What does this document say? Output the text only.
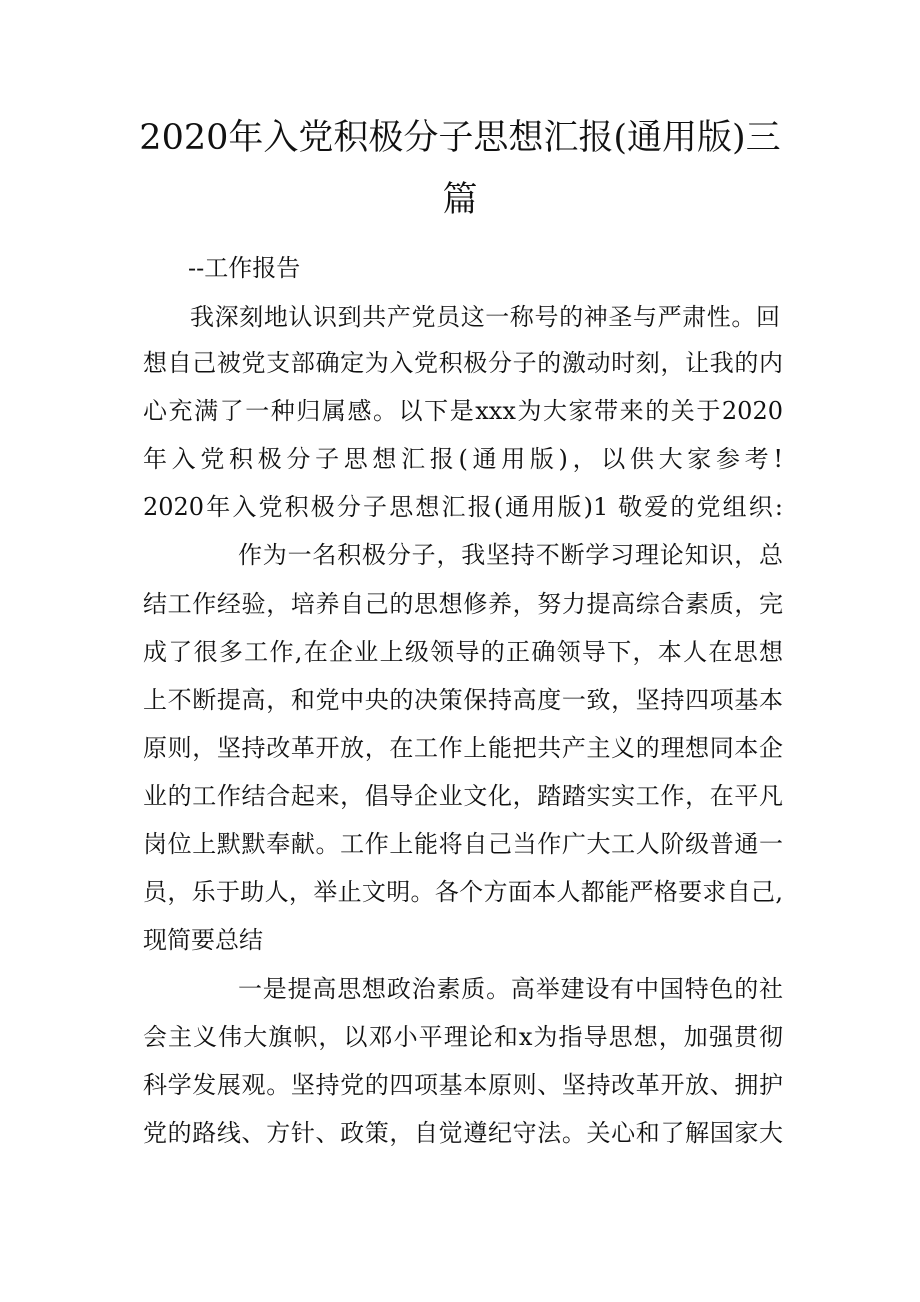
2020年入党积极分子思想汇报(通用版)三
篇
--工作报告
我深刻地认识到共产党员这一称号的神圣与严肃性。回
想自己被党支部确定为入党积极分子的激动时刻，让我的内
心充满了一种归属感。以下是xxx为大家带来的关于2020
年入党积极分子思想汇报(通用版)，以供大家参考!
2020年入党积极分子思想汇报(通用版)1 敬爱的党组织:
作为一名积极分子，我坚持不断学习理论知识，总
结工作经验，培养自己的思想修养，努力提高综合素质，完
成了很多工作,在企业上级领导的正确领导下，本人在思想
上不断提高，和党中央的决策保持高度一致，坚持四项基本
原则，坚持改革开放，在工作上能把共产主义的理想同本企
业的工作结合起来，倡导企业文化，踏踏实实工作，在平凡
岗位上默默奉献。工作上能将自己当作广大工人阶级普通一
员，乐于助人，举止文明。各个方面本人都能严格要求自己,
现简要总结
一是提高思想政治素质。高举建设有中国特色的社
会主义伟大旗帜，以邓小平理论和x为指导思想，加强贯彻
科学发展观。坚持党的四项基本原则、坚持改革开放、拥护
党的路线、方针、政策，自觉遵纪守法。关心和了解国家大
